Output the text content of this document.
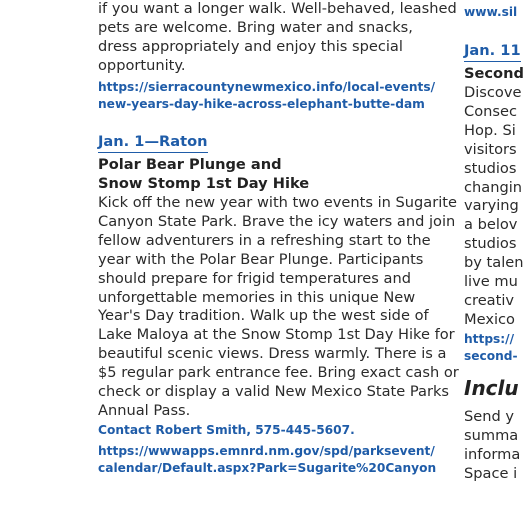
if you want a longer walk. Well-behaved, leashed
pets are welcome. Bring water and snacks,
dress appropriately and enjoy this special
opportunity.
https://sierracountynewmexico.info/local-events/
new-years-day-hike-across-elephant-butte-dam
Jan. 1—Raton
Polar Bear Plunge and
Snow Stomp 1st Day Hike
Kick off the new year with two events in Sugarite
Canyon State Park. Brave the icy waters and join
fellow adventurers in a refreshing start to the
year with the Polar Bear Plunge. Participants
should prepare for frigid temperatures and
unforgettable memories in this unique New
Year's Day tradition. Walk up the west side of
Lake Maloya at the Snow Stomp 1st Day Hike for
beautiful scenic views. Dress warmly. There is a
$5 regular park entrance fee. Bring exact cash or
check or display a valid New Mexico State Parks
Annual Pass.
Contact Robert Smith, 575-445-5607.
https://wwwapps.emnrd.nm.gov/spd/parksevent/
calendar/Default.aspx?Park=Sugarite%20Canyon
www.sil
Jan. 11
Second
Discove
Consec
Hop. Si
visitors
studios
changin
varying
a belov
studios
by talen
live mu
creativ
Mexico
https://
second-
Inclu
Send y
summa
informa
Space i
